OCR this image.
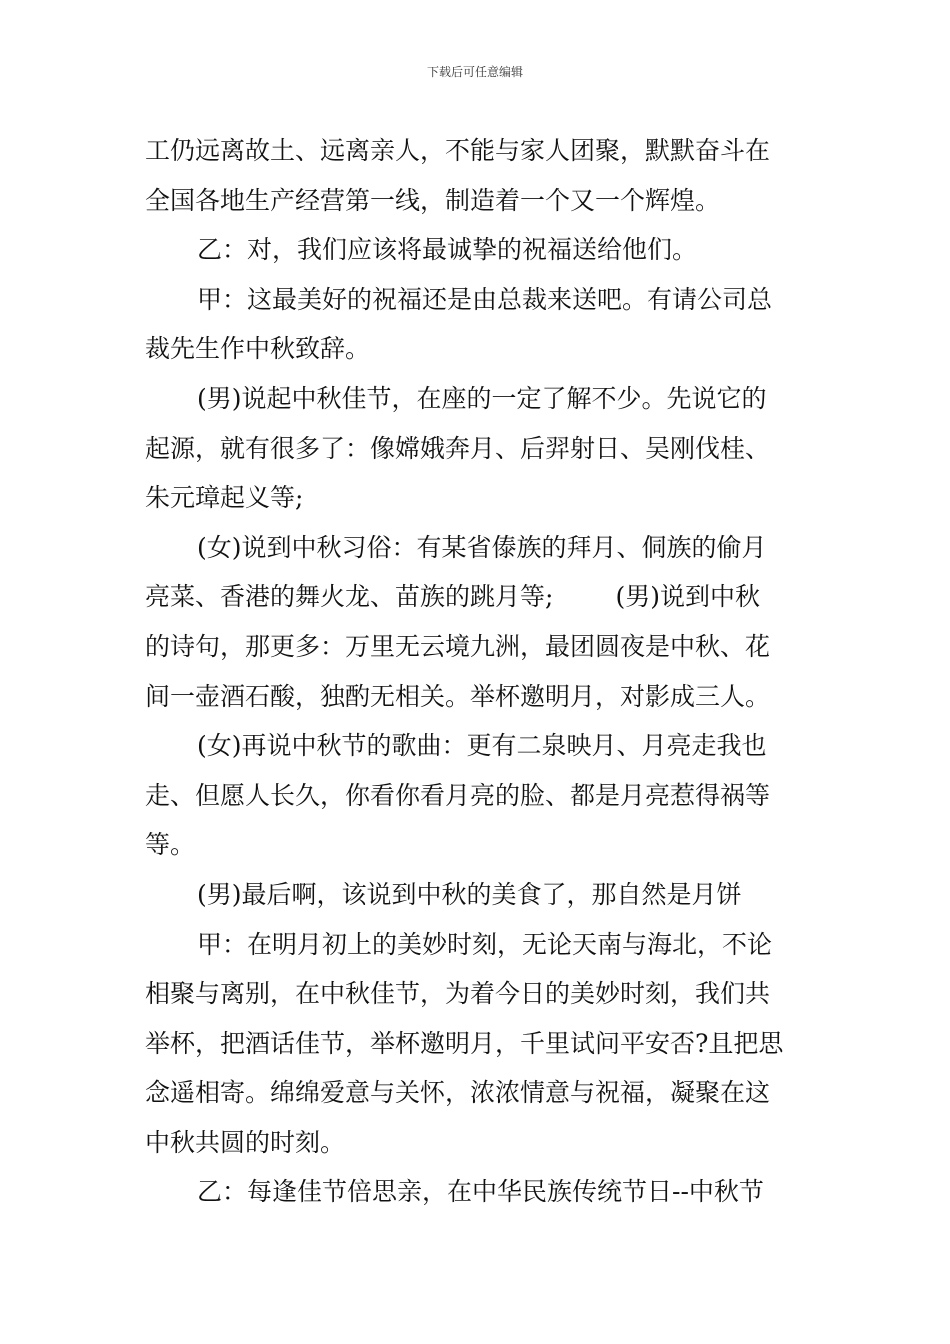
下载后可任意编辑
工仍远离故土、远离亲人，不能与家人团聚，默默奋斗在
全国各地生产经营第一线，制造着一个又一个辉煌。
乙：对，我们应该将最诚挚的祝福送给他们。
甲：这最美好的祝福还是由总裁来送吧。有请公司总
裁先生作中秋致辞。
(男)说起中秋佳节，在座的一定了解不少。先说它的
起源，就有很多了：像嫦娥奔月、后羿射日、吴刚伐桂、
朱元璋起义等;
(女)说到中秋习俗：有某省傣族的拜月、侗族的偷月
亮菜、香港的舞火龙、苗族的跳月等; (男)说到中秋
的诗句，那更多：万里无云境九洲，最团圆夜是中秋、花
间一壶酒石酸，独酌无相关。举杯邀明月，对影成三人。
(女)再说中秋节的歌曲：更有二泉映月、月亮走我也
走、但愿人长久，你看你看月亮的脸、都是月亮惹得祸等
等。
(男)最后啊，该说到中秋的美食了，那自然是月饼
甲：在明月初上的美妙时刻，无论天南与海北，不论
相聚与离别，在中秋佳节，为着今日的美妙时刻，我们共
举杯，把酒话佳节，举杯邀明月，千里试问平安否?且把思
念遥相寄。绵绵爱意与关怀，浓浓情意与祝福，凝聚在这
中秋共圆的时刻。
乙：每逢佳节倍思亲，在中华民族传统节日--中秋节
